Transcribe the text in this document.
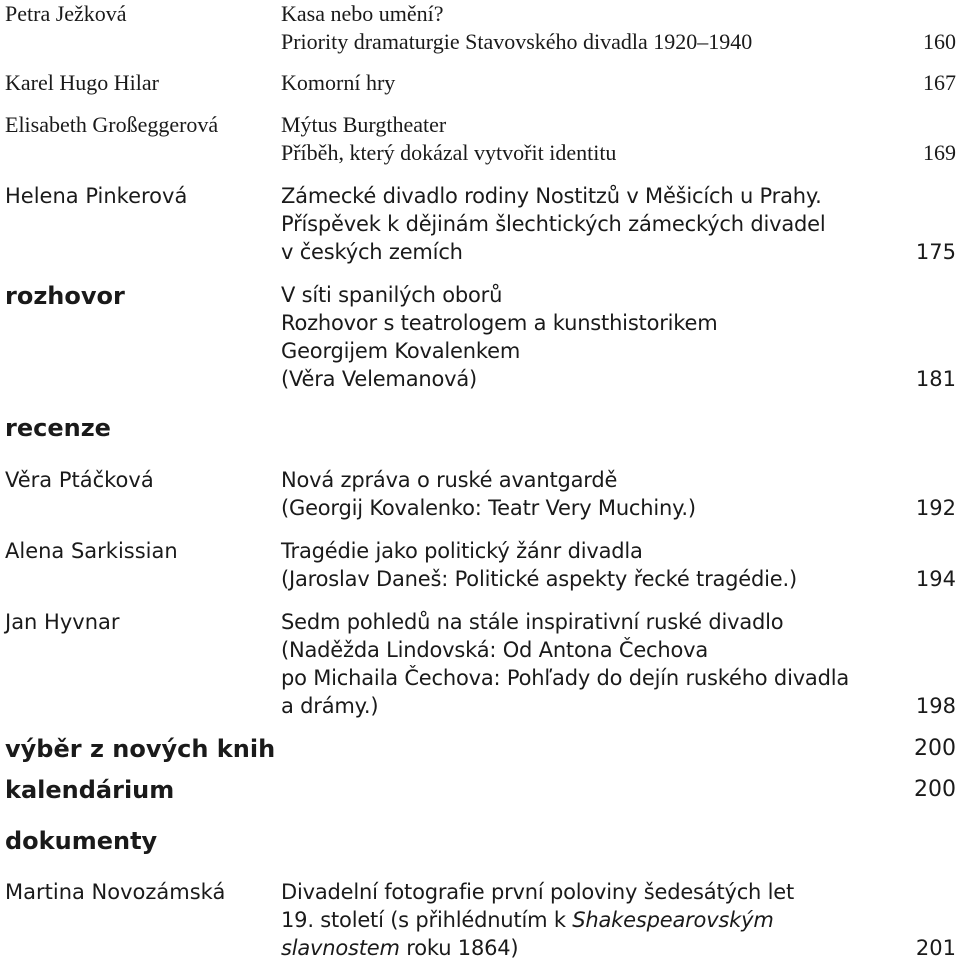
Petra Ježková	Kasa nebo umění?
Priority dramaturgie Stavovského divadla 1920–1940	160
Karel Hugo Hilar	Komorní hry	167
Elisabeth Großeggerová	Mýtus Burgtheater
Příběh, který dokázal vytvořit identitu	169
Helena Pinkerová	Zámecké divadlo rodiny Nostitzů v Měšicích u Prahy.
Příspěvek k dějinám šlechtických zámeckých divadel
v českých zemích	175
rozhovor	V síti spanilých oborů
Rozhovor s teatrologem a kunsthistorikem
Georgijem Kovalenkem
(Věra Velemanová)	181
recenze
Věra Ptáčková	Nová zpráva o ruské avantgardě
(Georgij Kovalenko: Teatr Very Muchiny.)	192
Alena Sarkissian	Tragédie jako politický žánr divadla
(Jaroslav Daneš: Politické aspekty řecké tragédie.)	194
Jan Hyvnar	Sedm pohledů na stále inspirativní ruské divadlo
(Naděžda Lindovská: Od Antona Čechova
po Michaila Čechova: Pohľady do dejín ruského divadla
a drámy.)	198
výběr z nových knih	200
kalendárium	200
dokumenty
Martina Novozámská	Divadelní fotografie první poloviny šedesátých let
19. století (s přihlédnutím k Shakespearovským
slavnostem roku 1864)	201
